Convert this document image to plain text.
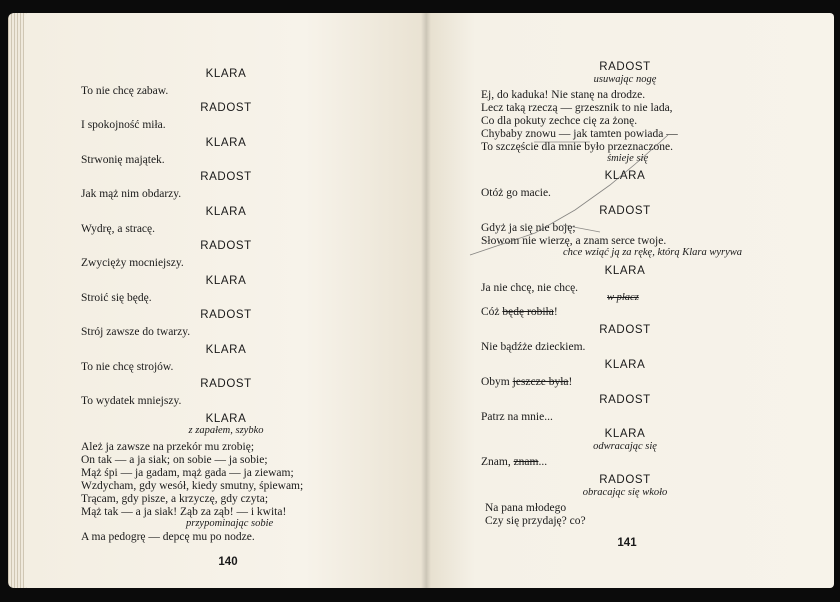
KLARA
To nie chcę zabaw.
RADOST
I spokojność miła.
KLARA
Strwonię majątek.
RADOST
Jak mąż nim obdarzy.
KLARA
Wydrę, a stracę.
RADOST
Zwycięży mocniejszy.
KLARA
Stroić się będę.
RADOST
Strój zawsze do twarzy.
KLARA
To nie chcę strojów.
RADOST
To wydatek mniejszy.
KLARA
z zapałem, szybko
Ależ ja zawsze na przekór mu zrobię;
On tak — a ja siak; on sobie — ja sobie;
Mąż śpi — ja gadam, mąż gada — ja ziewam;
Wzdycham, gdy wesół, kiedy smutny, śpiewam;
Trącam, gdy pisze, a krzyczę, gdy czyta;
Mąż tak — a ja siak! Ząb za ząb! — i kwita!
przypominając sobie
A ma pedogrę — depcę mu po nodze.
140
RADOST
usuwając nogę
Ej, do kaduka! Nie stanę na drodze.
Lecz taką rzeczą — grzesznik to nie lada,
Co dla pokuty zechce cię za żonę.
Chybaby znowu — jak tamten powiada —
To szczęście dla mnie było przeznaczone.
śmieje się
KLARA
Otóż go macie.
RADOST
Gdyż ja się nie boję;
Słowom nie wierzę, a znam serce twoje.
chce wziąć ją za rękę, którą Klara wyrywa
KLARA
Ja nie chcę, nie chcę.
w płacz
Cóż będę robiła!
RADOST
Nie bądźże dzieckiem.
KLARA
Obym jeszcze była!
RADOST
Patrz na mnie...
KLARA
odwracając się
Znam, znam...
RADOST
obracając się wkoło
Na pana młodego
Czy się przydaję? co?
141
